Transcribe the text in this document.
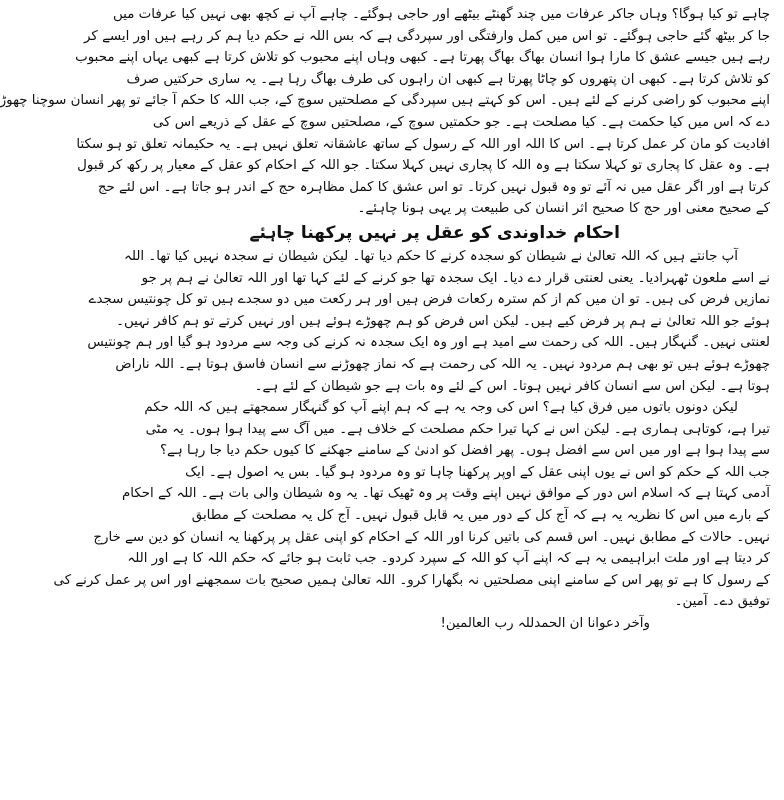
چاہے تو کیا ہوگا؟ وہاں جاکر عرفات میں چند گھنٹے بیٹھے اور حاجی ہوگئے۔ چاہے آپ نے کچھ بھی نہیں کیا عرفات میں
جا کر بیٹھ گئے حاجی ہوگئے۔ تو اس میں کمل وارفتگی اور سپردگی ہے کہ بس اللہ نے حکم دیا ہم کر رہے ہیں اور ایسے کر
رہے ہیں جیسے عشق کا مارا ہوا انسان بھاگ بھاگ پھرتا ہے۔ کبھی وہاں اپنے محبوب کو تلاش کرتا ہے کبھی یہاں اپنے محبوب
کو تلاش کرتا ہے۔ کبھی ان پتھروں کو چاٹا پھرتا ہے کبھی ان راہوں کی طرف بھاگ رہا ہے۔ یہ ساری حرکتیں صرف
اپنے محبوب کو راضی کرنے کے لئے ہیں۔ اس کو کہتے ہیں سپردگی کے مصلحتیں سوچ کے، جب اللہ کا حکم آ جائے تو پھر انسان سوچنا چھوڑ
دے کہ اس میں کیا حکمت ہے۔ کیا مصلحت ہے۔ جو حکمتیں سوچ کے، مصلحتیں سوچ کے عقل کے ذریعے اس کی
افادیت کو مان کر عمل کرتا ہے۔ اس کا اللہ اور اللہ کے رسول کے ساتھ عاشقانہ تعلق نہیں ہے۔ یہ حکیمانہ تعلق تو ہو سکتا
ہے۔ وہ عقل کا پجاری تو کہلا سکتا ہے وہ اللہ کا پجاری نہیں کہلا سکتا۔ جو اللہ کے احکام کو عقل کے معیار پر رکھ کر قبول
کرتا ہے اور اگر عقل میں نہ آئے تو وہ قبول نہیں کرتا۔ تو اس عشق کا کمل مظاہرہ حج کے اندر ہو جاتا ہے۔ اس لئے حج
کے صحیح معنی اور حج کا صحیح اثر انسان کی طبیعت پر یہی ہونا چاہئے۔
احکام خداوندی کو عقل پر نہیں پرکھنا چاہئے
آپ جانتے ہیں کہ اللہ تعالیٰ نے شیطان کو سجدہ کرنے کا حکم دیا تھا۔ لیکن شیطان نے سجدہ نہیں کیا تھا۔ اللہ
نے اسے ملعون ٹھہرادیا۔ یعنی لعنتی قرار دے دیا۔ ایک سجدہ تھا جو کرنے کے لئے کہا تھا اور اللہ تعالیٰ نے ہم پر جو
نمازیں فرض کی ہیں۔ تو ان میں کم از کم سترہ رکعات فرض ہیں اور ہر رکعت میں دو سجدے ہیں تو کل چونتیس سجدے
ہوئے جو اللہ تعالیٰ نے ہم پر فرض کیے ہیں۔ لیکن اس فرض کو ہم چھوڑے ہوئے ہیں اور نہیں کرتے تو ہم کافر نہیں۔
لعنتی نہیں۔ گنہگار ہیں۔ اللہ کی رحمت سے امید ہے اور وہ ایک سجدہ نہ کرنے کی وجہ سے مردود ہو گیا اور ہم چونتیس
چھوڑے ہوئے ہیں تو بھی ہم مردود نہیں۔ یہ اللہ کی رحمت ہے کہ نماز چھوڑنے سے انسان فاسق ہوتا ہے۔ اللہ ناراض
ہوتا ہے۔ لیکن اس سے انسان کافر نہیں ہوتا۔ اس کے لئے وہ بات ہے جو شیطان کے لئے ہے۔
لیکن دونوں باتوں میں فرق کیا ہے؟ اس کی وجہ یہ ہے کہ ہم اپنے آپ کو گنہگار سمجھتے ہیں کہ اللہ حکم
تیرا ہے، کوتاہی ہماری ہے۔ لیکن اس نے کہا تیرا حکم مصلحت کے خلاف ہے۔ میں آگ سے پیدا ہوا ہوں۔ یہ مٹی
سے پیدا ہوا ہے اور میں اس سے افضل ہوں۔ پھر افضل کو ادنیٰ کے سامنے جھکنے کا کیوں حکم دیا جا رہا ہے؟
جب اللہ کے حکم کو اس نے یوں اپنی عقل کے اوپر پرکھنا چاہا تو وہ مردود ہو گیا۔ بس یہ اصول ہے۔ ایک
آدمی کہتا ہے کہ اسلام اس دور کے موافق نہیں اپنے وقت پر وہ ٹھیک تھا۔ یہ وہ شیطان والی بات ہے۔ اللہ کے احکام
کے بارے میں اس کا نظریہ یہ ہے کہ آج کل کے دور میں یہ قابل قبول نہیں۔ آج کل یہ مصلحت کے مطابق
نہیں۔ حالات کے مطابق نہیں۔ اس قسم کی باتیں کرنا اور اللہ کے احکام کو اپنی عقل پر پرکھنا یہ انسان کو دین سے خارج
کر دیتا ہے اور ملت ابراہیمی یہ ہے کہ اپنے آپ کو اللہ کے سپرد کردو۔ جب ثابت ہو جائے کہ حکم اللہ کا ہے اور اللہ
کے رسول کا ہے تو پھر اس کے سامنے اپنی مصلحتیں نہ بگھارا کرو۔ اللہ تعالیٰ ہمیں صحیح بات سمجھنے اور اس پر عمل کرنے کی
توفیق دے۔ آمین۔
وآخر دعوانا ان الحمدللہ رب العالمین!
